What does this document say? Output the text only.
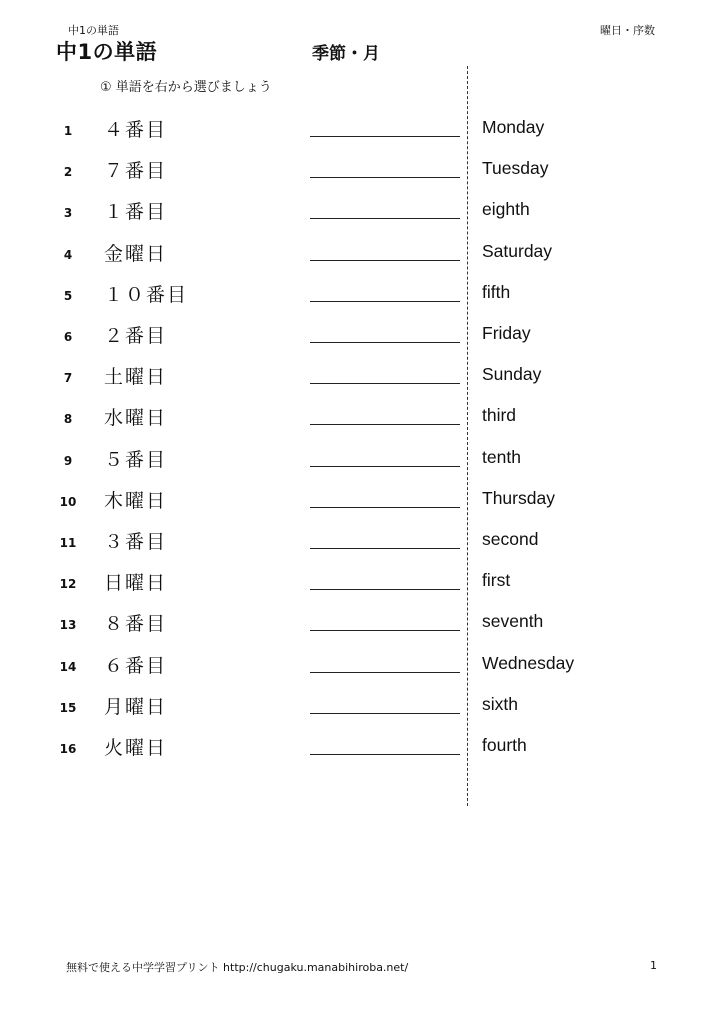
中1の単語	曜日・序数
中1の単語	季節・月
① 単語を右から選びましょう
1	４番目	Monday
2	７番目	Tuesday
3	１番目	eighth
4	金曜日	Saturday
5	１０番目	fifth
6	２番目	Friday
7	土曜日	Sunday
8	水曜日	third
9	５番目	tenth
10 木曜日	Thursday
11 ３番目	second
12 日曜日	first
13 ８番目	seventh
14 ６番目	Wednesday
15 月曜日	sixth
16 火曜日	fourth
無料で使える中学学習プリント http://chugaku.manabihiroba.net/	1
